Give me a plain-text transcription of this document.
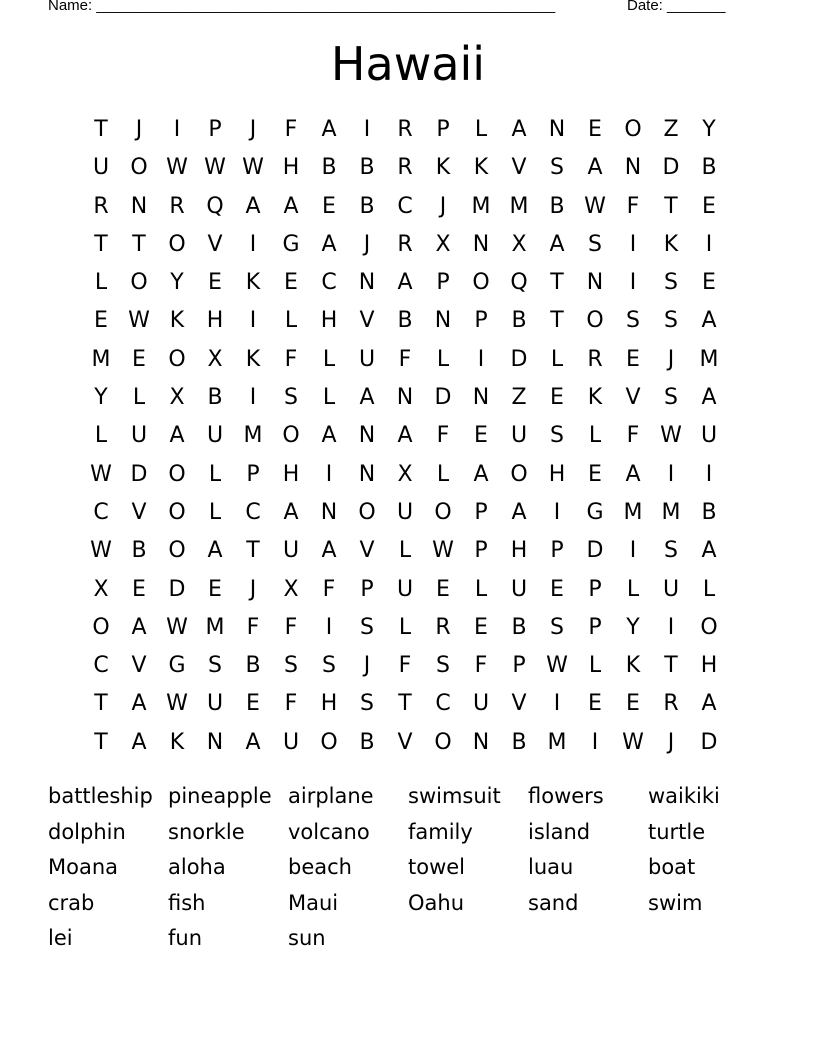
Name: _______________________________________________________	Date: _______
Hawaii
T	J	I	P	J	F	A	I	R	P	L	A	N	E	O Z	Y
U O W W W H	B	B	R	K	K	V	S	A	N D B
R	N	R Q A	A	E	B	C	J	M M B W F	T	E
T	T	O V	I	G A	J	R	X	N	X	A	S	I	K	I
L	O	Y	E	K	E	C	N	A	P	O Q	T	N	I	S	E
E W K	H	I	L	H	V	B	N	P	B	T	O	S	S	A
M E	O X	K	F	L	U	F	L	I	D	L	R	E	J	M
Y	L	X	B	I	S	L	A	N D N	Z	E	K	V	S	A
L	U	A	U M O A	N	A	F	E	U	S	L	F W U
W D O	L	P	H	I	N	X	L	A O H	E	A	I	I
C	V O	L	C	A	N O U O	P	A	I	G M M B
W B O A	T	U	A	V	L W P	H	P	D	I	S	A
X	E	D	E	J	X	F	P	U	E	L	U	E	P	L	U	L
O A W M	F	F	I	S	L	R	E	B	S	P	Y	I	O
C	V G	S	B	S	S	J	F	S	F	P W L	K	T	H
T	A W U	E	F	H	S	T	C	U	V	I	E	E	R	A
T	A	K	N	A	U O B	V O N	B M	I	W	J	D
battleship pineapple airplane	swimsuit	flowers	waikiki
dolphin	snorkle	volcano	family	island	turtle
Moana	aloha	beach	towel	luau	boat
crab	fish	Maui	Oahu	sand	swim
lei	fun	sun
